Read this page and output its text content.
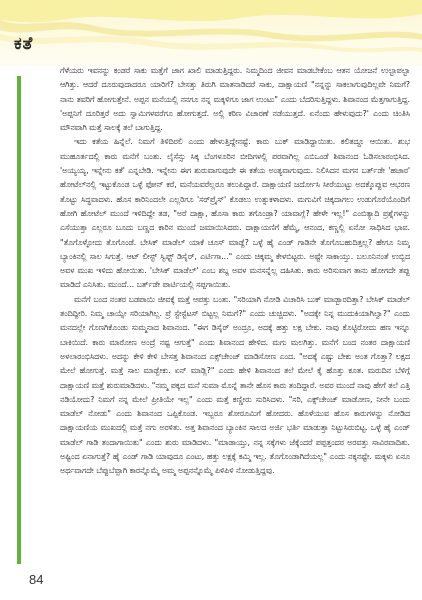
ಕತೆ

ಗೆಳೆಯರು ಇವನನ್ನು ಕಂಡರೆ ಸಾಕು ಮತ್ತೆಗೆ ಜಾಗ ಖಾಲಿ ಮಾಡುತ್ತಿದ್ದರು. ನಿಮ್ಮದಿಂದ ಜೀವನ ಮಾಡಬೇಕೆಂಬ ಆತನ ಯೋಜನೆ ಉಲ್ಟಾಪಲ್ಟಾ ಆಗಿತ್ತು. ಆದರೆ ದೂರುವುದಾದರೂ ಯಾರಿಗೆ? ಬೇಸತ್ತು ತಿರುಗಿ ಮಾತನಾಡಿದರೆ ಸಾಕು, ದಾಕ್ಷಾಯಣಿ "ನನ್ನನ್ನು ಸಾಕಲಾಗುವುದಿಲ್ಲವೇ ನಿಮಗೆ? ನಾನು ತವರಿಗೆ ಹೋಗುತ್ತೇನೆ. ಅಪ್ಪನ ಮನೆಯಲ್ಲಿ ನನಗೂ ನನ್ನ ಮಕ್ಕಳಿಗೂ ಜಾಗ ಉಂಟು" ಎಂದು ಬೆದರಿಸುತ್ತಿದ್ದಳು. ಶಿವಾನಂದ ಮೆತ್ತಗಾಗುತ್ತಿದ್ದ. 'ಅಪ್ಪನಿಗೆ ದೂರಿತ್ತರೆ ಅದು ಸ್ವಾಮಿಗಳವರೆಗೂ ಹೋಗುತ್ತದೆ. ಅಲ್ಲಿ ಕಠಿಣ ವಿಚಾರಣೆ ನಡೆಯುತ್ತದೆ. ಏನೆಂದು ಹೇಳುವುದು?' ಎಂದು ಚಿಂತಿಸಿ ಮೌನವಾಗಿ ಮತ್ತೆ ಸಾಲಕ್ಕೆ ತಲೆ ಬಾಗುತ್ತಿದ್ದ.

ಇದು ಕತೆಯ ಹಿನ್ನೆಲೆ. ನಿಮಗೆ ತಿಳಿದಿರಲಿ ಎಂದು ಹೇಳುತ್ತಿದ್ದೇನಷ್ಟೆ. ಕಾರು ಬುಕ್ ಮಾಡಿದ್ದಾಯಿತು. ಕಲಿತದ್ದೂ ಆಯಿತು. ಶುಭ ಮುಹೂರ್ತದಲ್ಲಿ ಕಾರು ಮನೆಗೆ ಬಂತು. ಲೈಸೆನ್ಸು ಸಿಕ್ಕ ಬೆಂಗಳೂರಿನ ಬೀದಿಗಳಲ್ಲಿ ಪರವಾಗಿಲ್ಲ ಎಬಿಒಂಡೆ ಶಿವಾನಂದ ಓಡಿಸಲಾರಂಭಿಸಿದ. 'ಅಯ್ಯಯ್ಯ, ಇನ್ನೇನು ಕತೆ' ಎನ್ನಬೇಡಿ. ಇನ್ನೇನು ಈಗ ಶುರುವಾಗುವುದೇ ಈ ಕತೆಯ ಅಂತ್ಯವಾಗುವುದು. ನಿಲಿಸಿದನ ಮಗನ ಬರ್ತ್‌ಡೇ 'ಹಜಾರ' ಹೋಟೆಲ್‌ನಲ್ಲಿ ಇಟ್ಟುಕೊಂಡ ಒಳ್ಳೆ ಫೋನ್ ಕರೆ, ಮನೆಯವರೆಲ್ಲರೂ ತಲುಪಿದ್ದಾರೆ. ದಾಕ್ಷಾಯಣಿ ಜರ್ದೋಸಿ ಸೀರೆಯುಟ್ಟು ಅದಕ್ಕೊಪ್ಪುವ ಆಭರಣ ತೊಟ್ಟು ಸಿದ್ಧವಾದಳು. ಹೊಸ ಕಾರಿನಿಂದಲೇ ಎಲ್ಲರಿಗೂ 'ಸರ್‌ಪ್ರೈಸ್' ಕೊಡಲು ಉತ್ಸುಕಳಾದಳು. ಮಗುವಿಗೆ ಚಿಕ್ಕದಾಗಲು ಉಡುಗೊರೆಯೊಂದಿಗೆ ಹೋಗಿ ಹೋಟೆಲ್ ಮುಂದೆ ಇಳಿದಿದ್ದೇ ತಡ, "ಅರೆ ದಾಕ್ಷಾ, ಹೊಸಾ ಕಾರು ತಗೊಂಡ್ರಾ? ಯಾವಾಗ್ಲೆ? ಹೇಳೇ ಇಲ್ಲ!" ಎಂಬಿತ್ಯಾದಿ ಪ್ರಶ್ನೆಗಳನ್ನು ಎಸೆಯುತ್ತಾ ಎಲ್ಲರೂ ಬೂದು ಬಣ್ಣದ ಕಾರಿನ ಮುಂದೆ ಜಮಾಯಿಸಿದರು. ದಾಕ್ಷಾಯಣಿಗೆ ಹೆಮ್ಮೆ, ಆನಂದ, ಕಣ್ಣಲ್ಲಿ ಏನೋ ಸಾಧಿಸಿದ ಭಾವ. "ತೊಗೊಳ್ಳೋದು ತೊಗೊಂಡೆ. ಬೇಸಿಕ್ ಮಾಡೆಲ್ ಯಾಕೆ ಚೂಸ್ ಮಾಡ್ದೆ? ಒಳ್ಳೆ ಹೈ ಎಂಡ್ ಗಾಡಿನೇ ತೊಗೊಬಹುದಿತ್ತಲ್ಲ? ಹೇಗೂ ನಿಮ್ಮ ಬ್ಯಾಂಕಿನಲ್ಲಿ ಸಾಲ ಸಿಗುತ್ತೆ. ಆಟ್ ಲೀಸ್ಟ್ ಸ್ವಿಫ್ಟ್ ಡಿಸೈರ್, ಎರ್ಟಿಗಾ..." ಎಂದು ಚಿಕ್ಕಮ್ಮ ಕೇಳಬಿಟ್ಟರು. ಅಷ್ಟೇ ಸಾಕಾಯ್ತು. ಬಲೂನಿನಂತೆ ಉಬ್ಬಿದ ಅವಳ ಮುಖ ಇಳಿದು ಹೋಯಿತು. 'ಬೇಸಿಕ್ ಮಾಡೆಲ್' ಎಂಬ ಶಬ್ದ ಅವಳ ಮನಸನ್ನೆಲ್ಲ ದಹಿಸಿತು. ಕಾರು ಅರಿಸುವಾಗ ತಾನು ಹೋಗದೇ ತಪ್ಪು ಮಾಡಿದೆ ಎನಿಸಿತು. ಮುಂದೆ... ಬರ್ತ್‌ಡೇ ಪಾರ್ಟಿಯಲ್ಲಿ ಸಪ್ಪಗಾಯಿತು.

ಮನೆಗೆ ಬಂದ ನಂತರ ಬಡಪಾಯಿ ಜೀವಕ್ಕೆ ಮತ್ತೆ ಆಪತ್ತು ಬಂತು. "ಸರಿಯಾಗಿ ನೋಡಿ ವಿಚಾರಿಸಿ ಬುಕ್ ಮಾಡ್ಬಾರದಿತ್ತಾ? ಬೇಸಿಕ್ ಮಾಡೆಲ್ ತಂದಿದ್ದೀರಿ. ನಿಮ್ಮ ಚಾಯ್ಸೇ ಸರಿಯಾಗಿಲ್ಲ. ಪ್ರೆ ಸ್ಟೇಸ್ಟೆಟಸ್ ಬಿಟ್ಟಲ್ಲ ನಿಮಗೆ?" ಎಂದು ಚುಚ್ಚಿದಳು. "ಅದಕ್ಕೇ ನಿನ್ನ ಮುದುಕಿಯಾಗಿಲ್ವಾ?" ಎಂದು ಮನದಲ್ಲೇ ಗೊಣಗಿಕೊಂಡು ಸುಮ್ಮನಾದ ಶಿವಾನಂದ. "ಈಗ ಡಿಸೈರ್ ಅಂದ್ರೂ, ಅದಕ್ಕೆ ಹತ್ತು ಲಕ್ಷ ಬೇಕು. ನಾವು ಕೊಟ್ಟಿರೋದು ಹಣ ಇನ್ನೂ ಬಾಕಿಯಿದೆ. ಕಾರು ಮಾರೋಣ ಅಂದ್ರೆ ನಷ್ಟ ಆಗುತ್ತೆ" ಎಂದು ಶಿವಾನಂದ ಹೇಳಿದ. ಮಗು ಮಲಗಿತ್ತು. ಮನೆಗೆ ಬಂದ ನಂತರ ದಾಕ್ಷಾಯಣಿ ಅಳಲಾರಂಭಿಸಿದಳು. ಅದನ್ನು ಕೇಳಿ ಕೇಳಿ ಬೇಸತ್ತ ಶಿವಾನಂದ ಎಕ್ಸ್‌ಚೇಂಜ್ ಮಾಡಿಸೋಣ ಎಂದ. "ಅದಕ್ಕೆ ಎಷ್ಟು ಬೇಕು ಅಂತ ಗೊತ್ತಾ? ಲಕ್ಷದ ಮೇಲೆ ಹೋಗುತ್ತೆ. ಮತ್ತೆ ಸಾಲ ಮಾಡ್ಬೇಕು. ಏನ್ ಮಾಡ್ಲಿ?" ಎಂದು ಹೇಳಿ ಶಿವಾನಂದ ತಲೆ ಮೇಲೆ ಕೈ ಹೊತ್ತು ಕೂತ. ಮರುದಿನ ಬೆಳಿಗ್ಗೆ ದಾಕ್ಷಾಯಣಿ ಮತ್ತೆ ಶುರುಮಾಡಿದಳು. "ನಮ್ಮ ಪಕ್ಕದ ಮನೆ ಸುಮಾ ಮೊನ್ನೆ ತಾನೇ ಹೊಸ ಕಾರು ತಂದಿದ್ದಾರೆ. ಅವರ ಮುಂದೆ ನಾವು ಹೇಗೆ ತಲೆ ಎತ್ತಿ ನಡಿಯೋದು? ನಿಮಗೆ ನನ್ನ ಮೇಲೆ ಪ್ರೀತಿಯೇ ಇಲ್ಲ" ಎಂದು ಮತ್ತೆ ಕಣ್ಣೀರು ಸುರಿಸಿದಳು. "ಸರಿ, ಎಕ್ಸ್‌ಚೇಂಜ್ ಮಾಡೋಣ, ನೀನೇ ಬಂದು ಮಾಡೆಲ್ ನೋಡು" ಎಂದು ಶಿವಾನಂದ ಒಪ್ಪಿಕೊಂಡ. ಇಬ್ಬರೂ ಶೋರೂಮಿಗೆ ಹೋದರು. ಹೊಳೆಯುವ ಹೊಸ ಕಾರುಗಳನ್ನು ನೋಡಿದ ದಾಕ್ಷಾಯಣಿಯ ಮುಖದಲ್ಲಿ ಮತ್ತೆ ನಗು ಅರಳಿತು. ಅತ್ತ ಶಿವಾನಂದ ಬ್ಯಾಂಕಿನ ಸಾಲದ ಅರ್ಜಿ ಭರ್ತಿ ಮಾಡುತ್ತಾ ನಿಟ್ಟುಸಿರುಬಿಟ್ಟ. ಒಳ್ಳೆ ಹೈ ಎಂಡ್ ಮಾಡೆಲ್ ಗಾಡಿ ತಂದಾಗಾಯಿತು" ಎಂದು ಶುರು ಮಾಡಿದಳು. "ಮಾಡಾಯ್ತು, ನನ್ನ ಸಕ್ಕೆಗಳು ಜೆಕ್ಕೆಂದರೆ ಪಪ್ಪತ್ತಂದರ ಅರವತ್ತು ಸಾವಿರವಾದಿತು. ಅಷ್ಟಿಂದ ಏನಾಗುತ್ತೆ? ಹೈ ಎಂಡ್ ಗಾಡಿ ಯಾವುದೂ ಎಂಟು, ಹತ್ತು ಲಕ್ಷಕ್ಕೆ ಕಮ್ಮಿ ಇಲ್ಲ. ತೊಗೊಂಡಾಗಿದೆಯಲ್ಲ" ಎಂದು ನಕ್ಕನಷ್ಟೇ. ಮಕ್ಕಳು ಏನೂ ಅರ್ಥವಾಗದೇ ಬೆಪ್ಪುಬೆಪ್ಪಾಗಿ ಕಾರನ್ನೊಮ್ಮೆ ಅಮ್ಮ ಅಪ್ಪನನ್ನೊಮ್ಮೆ ಪಿಳಿಪಿಳಿ ನೋಡುತ್ತಿದ್ದವು.

84
